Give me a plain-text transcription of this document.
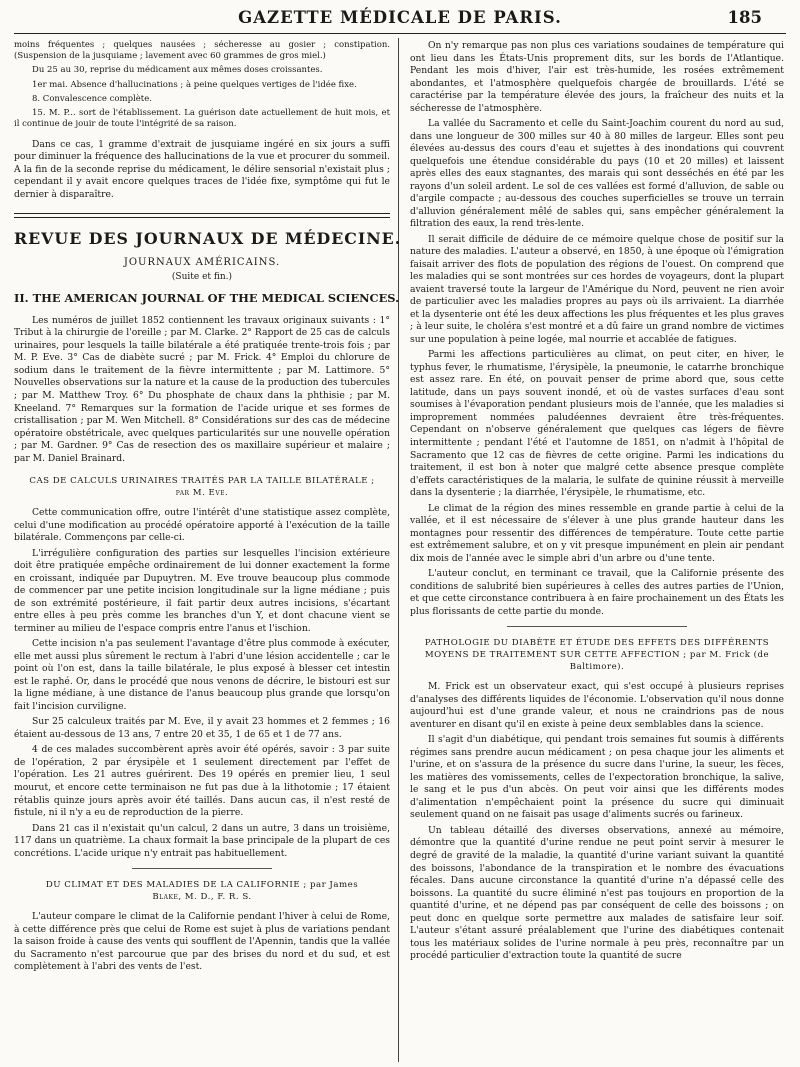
GAZETTE MÉDICALE DE PARIS.	185

moins fréquentes ; quelques nausées ; sécheresse au gosier ; constipation. (Suspension de la jusquiame ; lavement avec 60 grammes de gros miel.)

Du 25 au 30, reprise du médicament aux mêmes doses croissantes.

1er mai. Absence d'hallucinations ; à peine quelques vertiges de l'idée fixe.

8. Convalescence complète.

15. M. P... sort de l'établissement. La guérison date actuellement de huit mois, et il continue de jouir de toute l'intégrité de sa raison.

Dans ce cas, 1 gramme d'extrait de jusquiame ingéré en six jours a suffi pour diminuer la fréquence des hallucinations de la vue et procurer du sommeil. A la fin de la seconde reprise du médicament, le délire sensorial n'existait plus ; cependant il y avait encore quelques traces de l'idée fixe, symptôme qui fut le dernier à disparaître.

REVUE DES JOURNAUX DE MÉDECINE.
JOURNAUX AMÉRICAINS.
(Suite et fin.)
II. THE AMERICAN JOURNAL OF THE MEDICAL SCIENCES.

Les numéros de juillet 1852 contiennent les travaux originaux suivants : 1° Tribut à la chirurgie de l'oreille ; par M. Clarke. 2° Rapport de 25 cas de calculs urinaires, pour lesquels la taille bilatérale a été pratiquée trente-trois fois ; par M. P. Eve. 3° Cas de diabète sucré ; par M. Frick. 4° Emploi du chlorure de sodium dans le traitement de la fièvre intermittente ; par M. Lattimore. 5° Nouvelles observations sur la nature et la cause de la production des tubercules ; par M. Matthew Troy. 6° Du phosphate de chaux dans la phthisie ; par M. Kneeland. 7° Remarques sur la formation de l'acide urique et ses formes de cristallisation ; par M. Wen Mitchell. 8° Considérations sur des cas de médecine opératoire obstétricale, avec quelques particularités sur une nouvelle opération ; par M. Gardner. 9° Cas de resection des os maxillaire supérieur et malaire ; par M. Daniel Brainard.

CAS DE CALCULS URINAIRES TRAITÉS PAR LA TAILLE BILATÉRALE ;
par M. Eve.

Cette communication offre, outre l'intérêt d'une statistique assez complète, celui d'une modification au procédé opératoire apporté à l'exécution de la taille bilatérale. Commençons par celle-ci.

L'irrégulière configuration des parties sur lesquelles l'incision extérieure doit être pratiquée empêche ordinairement de lui donner exactement la forme en croissant, indiquée par Dupuytren. M. Eve trouve beaucoup plus commode de commencer par une petite incision longitudinale sur la ligne médiane ; puis de son extrémité postérieure, il fait partir deux autres incisions, s'écartant entre elles à peu près comme les branches d'un Y, et dont chacune vient se terminer au milieu de l'espace compris entre l'anus et l'ischion.

Cette incision n'a pas seulement l'avantage d'être plus commode à exécuter, elle met aussi plus sûrement le rectum à l'abri d'une lésion accidentelle ; car le point où l'on est, dans la taille bilatérale, le plus exposé à blesser cet intestin est le raphé. Or, dans le procédé que nous venons de décrire, le bistouri est sur la ligne médiane, à une distance de l'anus beaucoup plus grande que lorsqu'on fait l'incision curviligne.

Sur 25 calculeux traités par M. Eve, il y avait 23 hommes et 2 femmes ; 16 étaient au-dessous de 13 ans, 7 entre 20 et 35, 1 de 65 et 1 de 77 ans.

4 de ces malades succombèrent après avoir été opérés, savoir : 3 par suite de l'opération, 2 par érysipèle et 1 seulement directement par l'effet de l'opération. Les 21 autres guérirent. Des 19 opérés en premier lieu, 1 seul mourut, et encore cette terminaison ne fut pas due à la lithotomie ; 17 étaient rétablis quinze jours après avoir été taillés. Dans aucun cas, il n'est resté de fistule, ni il n'y a eu de reproduction de la pierre.

Dans 21 cas il n'existait qu'un calcul, 2 dans un autre, 3 dans un troisième, 117 dans un quatrième. La chaux formait la base principale de la plupart de ces concrétions. L'acide urique n'y entrait pas habituellement.

DU CLIMAT ET DES MALADIES DE LA CALIFORNIE ; par James
Blake, M. D., F. R. S.

L'auteur compare le climat de la Californie pendant l'hiver à celui de Rome, à cette différence près que celui de Rome est sujet à plus de variations pendant la saison froide à cause des vents qui soufflent de l'Apennin, tandis que la vallée du Sacramento n'est parcourue que par des brises du nord et du sud, et est complètement à l'abri des vents de l'est.

On n'y remarque pas non plus ces variations soudaines de température qui ont lieu dans les États-Unis proprement dits, sur les bords de l'Atlantique. Pendant les mois d'hiver, l'air est très-humide, les rosées extrêmement abondantes, et l'atmosphère quelquefois chargée de brouillards. L'été se caractérise par la température élevée des jours, la fraîcheur des nuits et la sécheresse de l'atmosphère.

La vallée du Sacramento et celle du Saint-Joachim courent du nord au sud, dans une longueur de 300 milles sur 40 à 80 milles de largeur. Elles sont peu élevées au-dessus des cours d'eau et sujettes à des inondations qui couvrent quelquefois une étendue considérable du pays (10 et 20 milles) et laissent après elles des eaux stagnantes, des marais qui sont desséchés en été par les rayons d'un soleil ardent. Le sol de ces vallées est formé d'alluvion, de sable ou d'argile compacte ; au-dessous des couches superficielles se trouve un terrain d'alluvion généralement mêlé de sables qui, sans empêcher généralement la filtration des eaux, la rend très-lente.

Il serait difficile de déduire de ce mémoire quelque chose de positif sur la nature des maladies. L'auteur a observé, en 1850, à une époque où l'émigration faisait arriver des flots de population des régions de l'ouest. On comprend que les maladies qui se sont montrées sur ces hordes de voyageurs, dont la plupart avaient traversé toute la largeur de l'Amérique du Nord, peuvent ne rien avoir de particulier avec les maladies propres au pays où ils arrivaient. La diarrhée et la dysenterie ont été les deux affections les plus fréquentes et les plus graves ; à leur suite, le choléra s'est montré et a dû faire un grand nombre de victimes sur une population à peine logée, mal nourrie et accablée de fatigues.

Parmi les affections particulières au climat, on peut citer, en hiver, le typhus fever, le rhumatisme, l'érysipèle, la pneumonie, le catarrhe bronchique est assez rare. En été, on pouvait penser de prime abord que, sous cette latitude, dans un pays souvent inondé, et où de vastes surfaces d'eau sont soumises à l'évaporation pendant plusieurs mois de l'année, que les maladies si improprement nommées paludéennes devraient être très-fréquentes. Cependant on n'observe généralement que quelques cas légers de fièvre intermittente ; pendant l'été et l'automne de 1851, on n'admit à l'hôpital de Sacramento que 12 cas de fièvres de cette origine. Parmi les indications du traitement, il est bon à noter que malgré cette absence presque complète d'effets caractéristiques de la malaria, le sulfate de quinine réussit à merveille dans la dysenterie ; la diarrhée, l'érysipèle, le rhumatisme, etc.

Le climat de la région des mines ressemble en grande partie à celui de la vallée, et il est nécessaire de s'élever à une plus grande hauteur dans les montagnes pour ressentir des différences de température. Toute cette partie est extrêmement salubre, et on y vit presque impunément en plein air pendant dix mois de l'année avec le simple abri d'un arbre ou d'une tente.

L'auteur conclut, en terminant ce travail, que la Californie présente des conditions de salubrité bien supérieures à celles des autres parties de l'Union, et que cette circonstance contribuera à en faire prochainement un des États les plus florissants de cette partie du monde.

PATHOLOGIE DU DIABÈTE ET ÉTUDE DES EFFETS DES DIFFÉRENTS MOYENS DE TRAITEMENT SUR CETTE AFFECTION ; par M. Frick (de Baltimore).

M. Frick est un observateur exact, qui s'est occupé à plusieurs reprises d'analyses des différents liquides de l'économie. L'observation qu'il nous donne aujourd'hui est d'une grande valeur, et nous ne craindrions pas de nous aventurer en disant qu'il en existe à peine deux semblables dans la science.

Il s'agit d'un diabétique, qui pendant trois semaines fut soumis à différents régimes sans prendre aucun médicament ; on pesa chaque jour les aliments et l'urine, et on s'assura de la présence du sucre dans l'urine, la sueur, les fèces, les matières des vomissements, celles de l'expectoration bronchique, la salive, le sang et le pus d'un abcès. On peut voir ainsi que les différents modes d'alimentation n'empêchaient point la présence du sucre qui diminuait seulement quand on ne faisait pas usage d'aliments sucrés ou farineux.

Un tableau détaillé des diverses observations, annexé au mémoire, démontre que la quantité d'urine rendue ne peut point servir à mesurer le degré de gravité de la maladie, la quantité d'urine variant suivant la quantité des boissons, l'abondance de la transpiration et le nombre des évacuations fécales. Dans aucune circonstance la quantité d'urine n'a dépassé celle des boissons. La quantité du sucre éliminé n'est pas toujours en proportion de la quantité d'urine, et ne dépend pas par conséquent de celle des boissons ; on peut donc en quelque sorte permettre aux malades de satisfaire leur soif. L'auteur s'étant assuré préalablement que l'urine des diabétiques contenait tous les matériaux solides de l'urine normale à peu près, reconnaître par un procédé particulier d'extraction toute la quantité de sucre
